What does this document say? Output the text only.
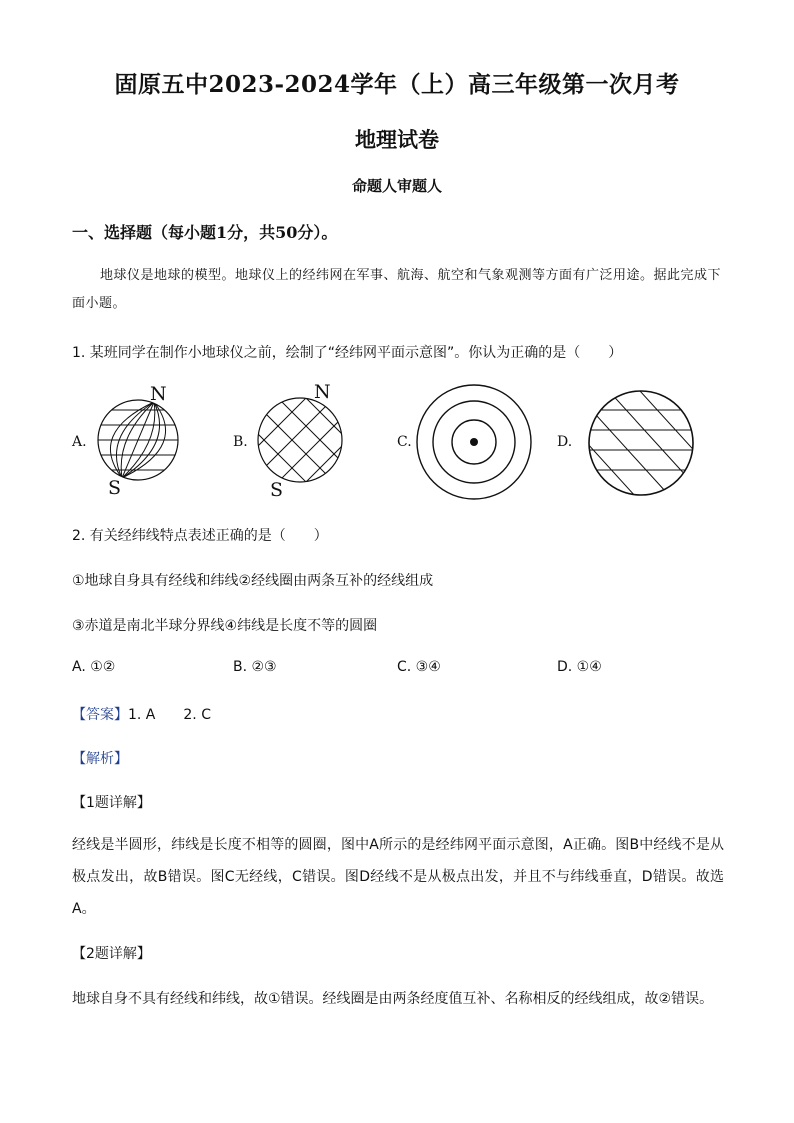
固原五中2023-2024学年（上）高三年级第一次月考
地理试卷
命题人审题人
一、选择题（每小题1分，共50分）。
地球仪是地球的模型。地球仪上的经纬网在军事、航海、航空和气象观测等方面有广泛用途。据此完成下面小题。
1. 某班同学在制作小地球仪之前，绘制了“经纬网平面示意图”。你认为正确的是（　　）
A.
N
S
B.
N
S
C.	D.
2. 有关经纬线特点表述正确的是（　　）
①地球自身具有经线和纬线②经线圈由两条互补的经线组成
③赤道是南北半球分界线④纬线是长度不等的圆圈
A. ①②	B. ②③	C. ③④	D. ①④
【答案】1. A　　2. C
【解析】
【1题详解】
经线是半圆形，纬线是长度不相等的圆圈，图中A所示的是经纬网平面示意图，A正确。图B中经线不是从极点发出，故B错误。图C无经线，C错误。图D经线不是从极点出发，并且不与纬线垂直，D错误。故选A。
【2题详解】
地球自身不具有经线和纬线，故①错误。经线圈是由两条经度值互补、名称相反的经线组成，故②错误。
